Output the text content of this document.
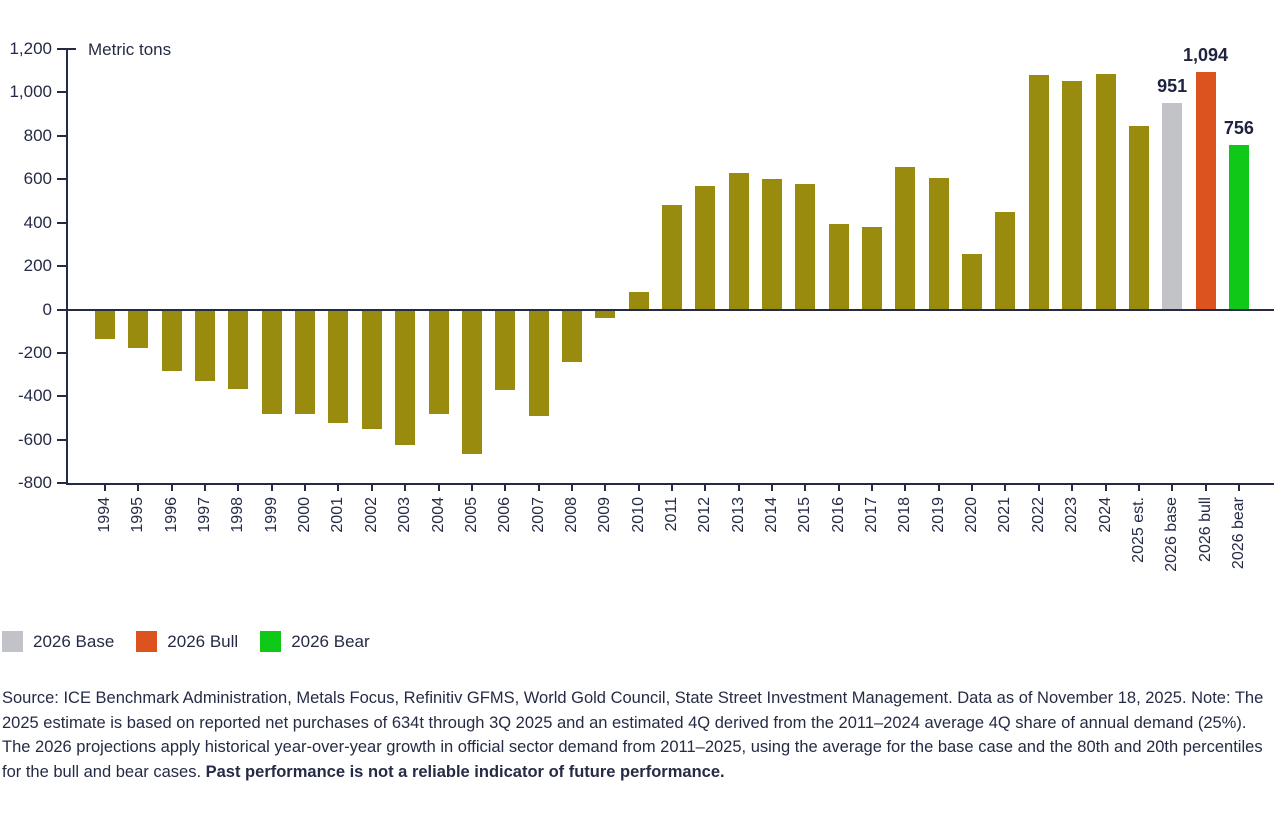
Metric tons
1,200
1,000
800
600
400
200
0
-200
-400
-600
-800
1994 1995 1996 1997 1998 1999 2000 2001 2002 2003 2004 2005 2006 2007 2008 2009 2010 2011 2012 2013 2014 2015 2016 2017 2018 2019 2020 2021 2022 2023 2024 2025 est. 2026 base
951
2026 bull
1,094
2026 bear
756
2026 Base	2026 Bull	2026 Bear

Source: ICE Benchmark Administration, Metals Focus, Refinitiv GFMS, World Gold Council, State Street Investment Management. Data as of November 18, 2025. Note: The 2025 estimate is based on reported net purchases of 634t through 3Q 2025 and an estimated 4Q derived from the 2011–2024 average 4Q share of annual demand (25%). The 2026 projections apply historical year-over-year growth in official sector demand from 2011–2025, using the average for the base case and the 80th and 20th percentiles for the bull and bear cases. Past performance is not a reliable indicator of future performance.
